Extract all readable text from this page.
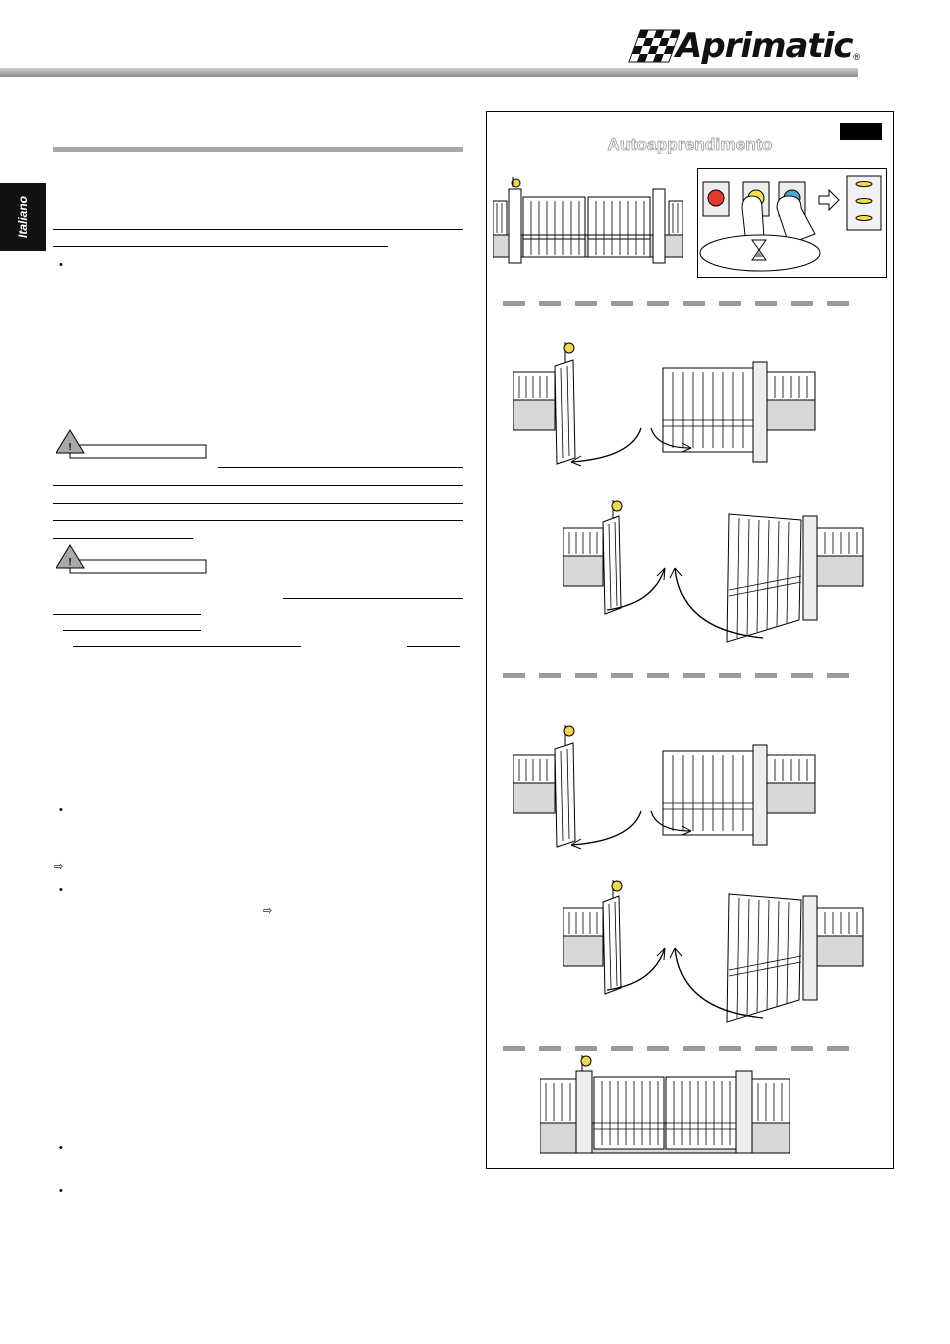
Aprimatic ®
Italiano
•
!
!
•
⇨
•
⇨
•
•
Autoapprendimento
